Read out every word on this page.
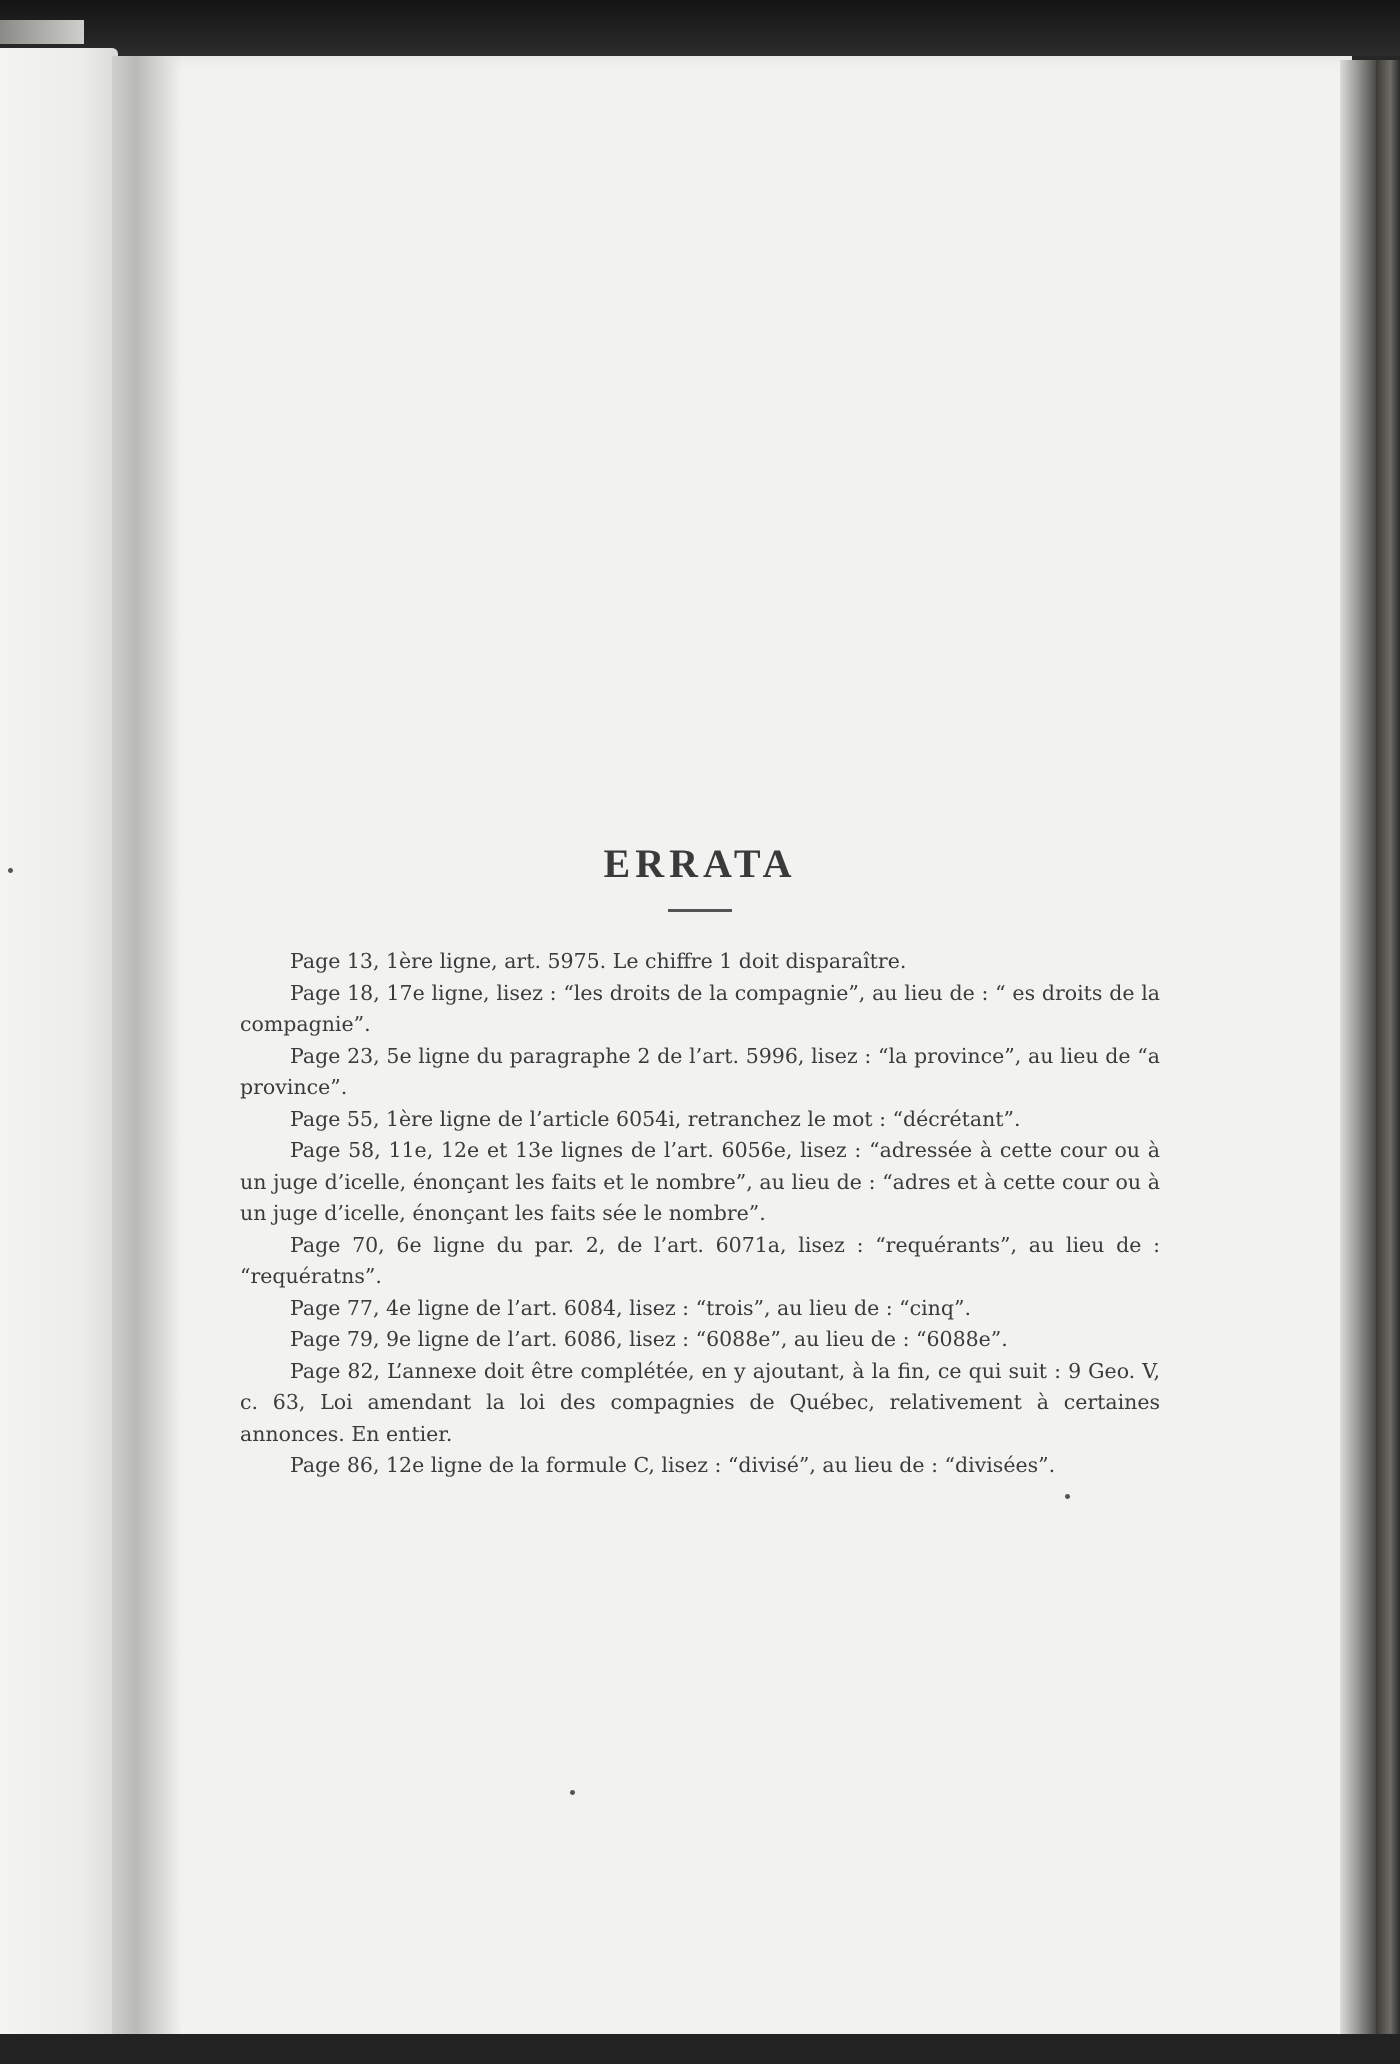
ERRATA

Page 13, 1ère ligne, art. 5975. Le chiffre 1 doit disparaître.

Page 18, 17e ligne, lisez : “les droits de la compagnie”, au lieu de : “ es droits de la compagnie”.

Page 23, 5e ligne du paragraphe 2 de l’art. 5996, lisez : “la province”, au lieu de “a province”.

Page 55, 1ère ligne de l’article 6054i, retranchez le mot : “décrétant”.

Page 58, 11e, 12e et 13e lignes de l’art. 6056e, lisez : “adressée à cette cour ou à un juge d’icelle, énonçant les faits et le nombre”, au lieu de : “adres et à cette cour ou à un juge d’icelle, énonçant les faits sée le nombre”.

Page 70, 6e ligne du par. 2, de l’art. 6071a, lisez : “requérants”, au lieu de : “requératns”.

Page 77, 4e ligne de l’art. 6084, lisez : “trois”, au lieu de : “cinq”.

Page 79, 9e ligne de l’art. 6086, lisez : “6088e”, au lieu de : “6088e”.

Page 82, L’annexe doit être complétée, en y ajoutant, à la fin, ce qui suit : 9 Geo. V, c. 63, Loi amendant la loi des compagnies de Québec, relativement à certaines annonces. En entier.

Page 86, 12e ligne de la formule C, lisez : “divisé”, au lieu de : “divisées”.
